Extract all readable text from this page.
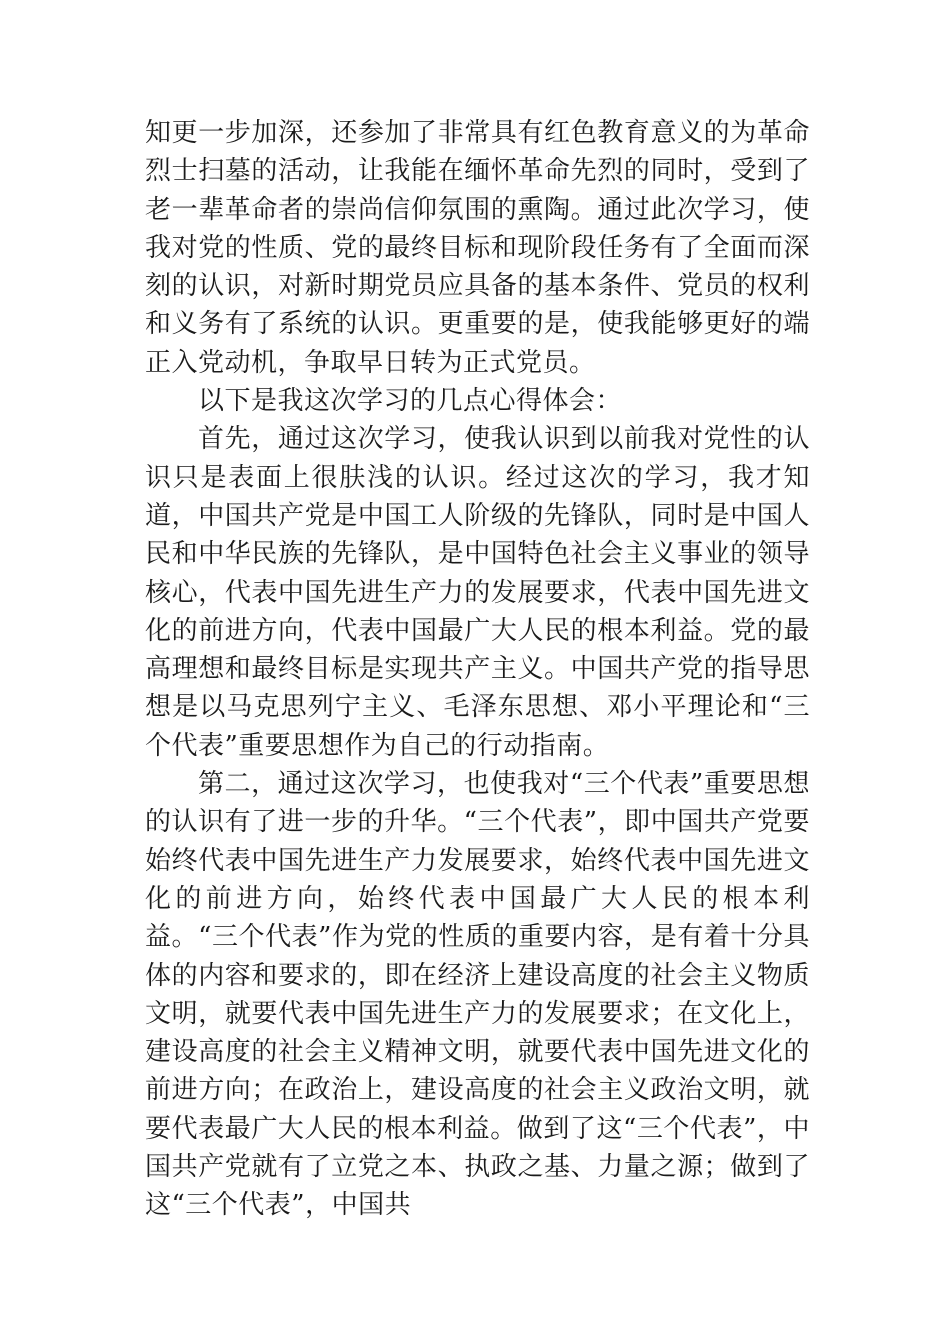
知更一步加深，还参加了非常具有红色教育意义的为革命烈士扫墓的活动，让我能在缅怀革命先烈的同时，受到了老一辈革命者的崇尚信仰氛围的熏陶。通过此次学习，使我对党的性质、党的最终目标和现阶段任务有了全面而深刻的认识，对新时期党员应具备的基本条件、党员的权利和义务有了系统的认识。更重要的是，使我能够更好的端正入党动机，争取早日转为正式党员。

以下是我这次学习的几点心得体会：

首先，通过这次学习，使我认识到以前我对党性的认识只是表面上很肤浅的认识。经过这次的学习，我才知道，中国共产党是中国工人阶级的先锋队，同时是中国人民和中华民族的先锋队，是中国特色社会主义事业的领导核心，代表中国先进生产力的发展要求，代表中国先进文化的前进方向，代表中国最广大人民的根本利益。党的最高理想和最终目标是实现共产主义。中国共产党的指导思想是以马克思列宁主义、毛泽东思想、邓小平理论和“三个代表”重要思想作为自己的行动指南。

第二，通过这次学习，也使我对“三个代表”重要思想的认识有了进一步的升华。“三个代表”，即中国共产党要始终代表中国先进生产力发展要求，始终代表中国先进文化的前进方向，始终代表中国最广大人民的根本利益。“三个代表”作为党的性质的重要内容，是有着十分具体的内容和要求的，即在经济上建设高度的社会主义物质文明，就要代表中国先进生产力的发展要求；在文化上，建设高度的社会主义精神文明，就要代表中国先进文化的前进方向；在政治上，建设高度的社会主义政治文明，就要代表最广大人民的根本利益。做到了这“三个代表”，中国共产党就有了立党之本、执政之基、力量之源；做到了这“三个代表”，中国共
